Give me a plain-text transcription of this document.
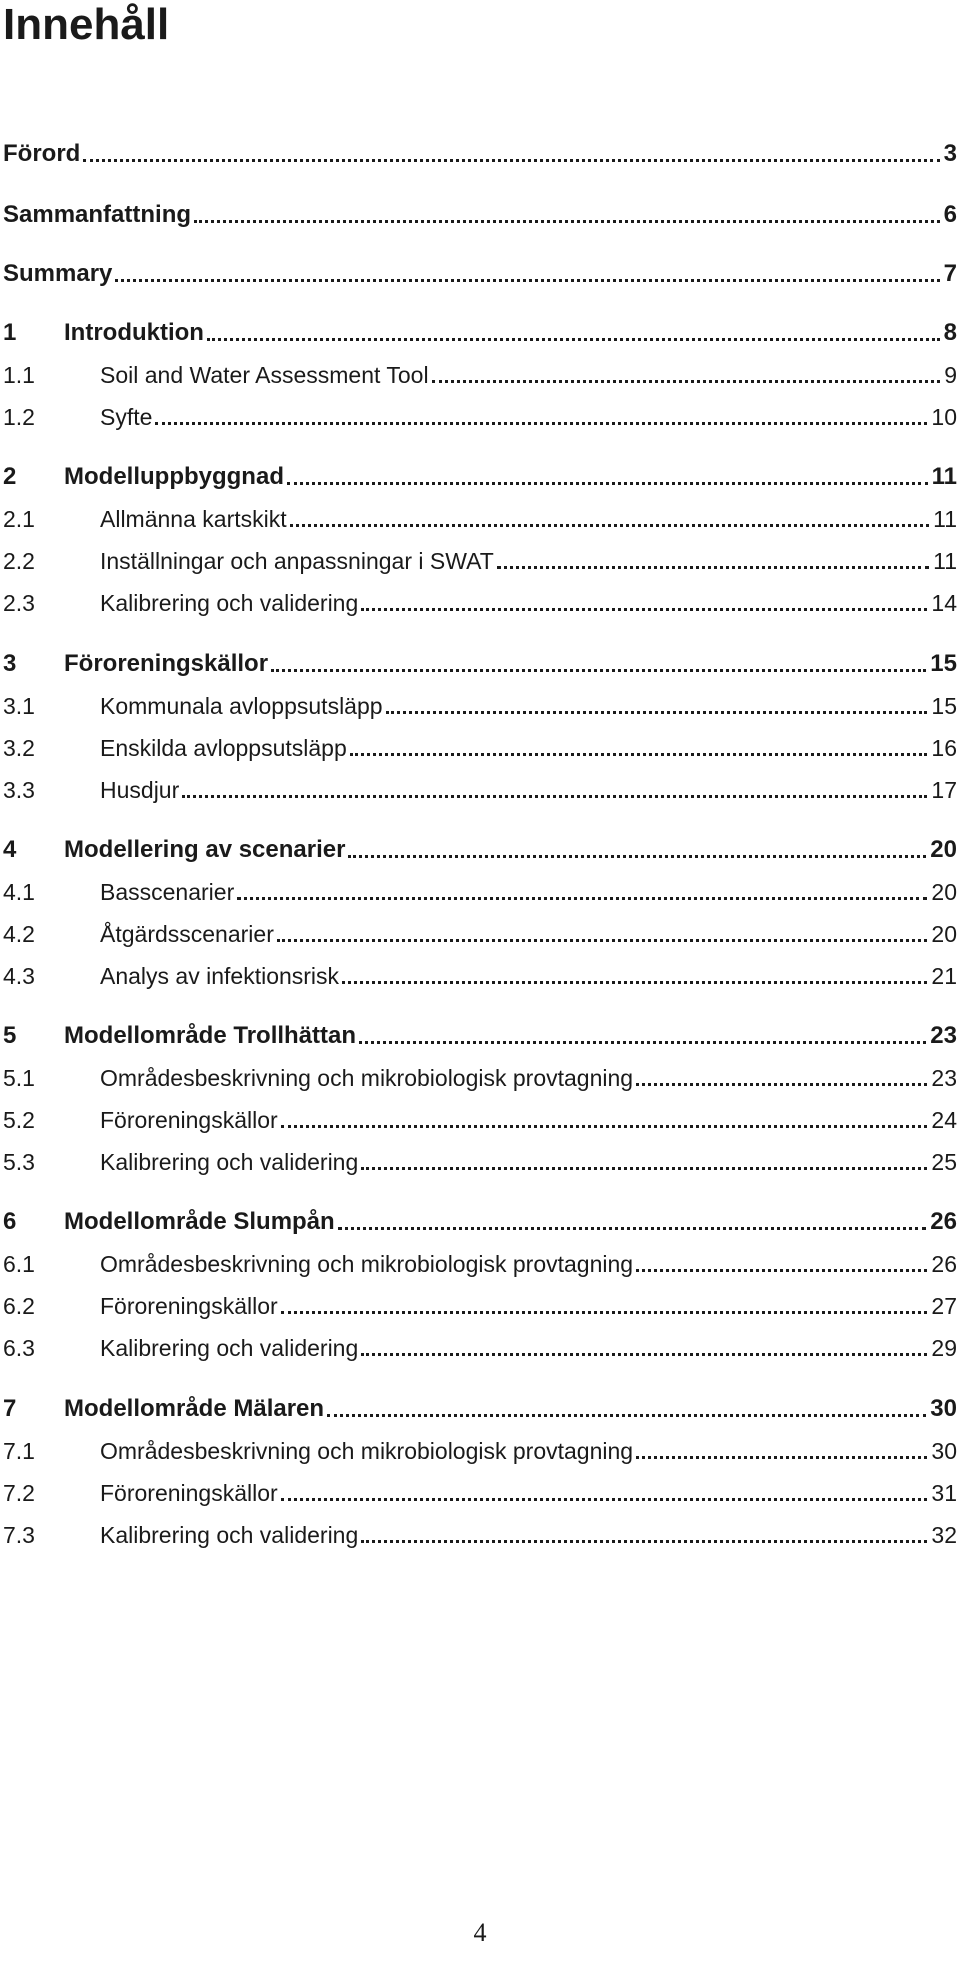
Innehåll
Förord	3
Sammanfattning	6
Summary	7
1	Introduktion	8
1.1	Soil and Water Assessment Tool	9
1.2	Syfte	10
2	Modelluppbyggnad	11
2.1	Allmänna kartskikt	11
2.2	Inställningar och anpassningar i SWAT	11
2.3	Kalibrering och validering	14
3	Föroreningskällor	15
3.1	Kommunala avloppsutsläpp	15
3.2	Enskilda avloppsutsläpp	16
3.3	Husdjur	17
4	Modellering av scenarier	20
4.1	Basscenarier	20
4.2	Åtgärdsscenarier	20
4.3	Analys av infektionsrisk	21
5	Modellområde Trollhättan	23
5.1	Områdesbeskrivning och mikrobiologisk provtagning	23
5.2	Föroreningskällor	24
5.3	Kalibrering och validering	25
6	Modellområde Slumpån	26
6.1	Områdesbeskrivning och mikrobiologisk provtagning	26
6.2	Föroreningskällor	27
6.3	Kalibrering och validering	29
7	Modellområde Mälaren	30
7.1	Områdesbeskrivning och mikrobiologisk provtagning	30
7.2	Föroreningskällor	31
7.3	Kalibrering och validering	32
4
